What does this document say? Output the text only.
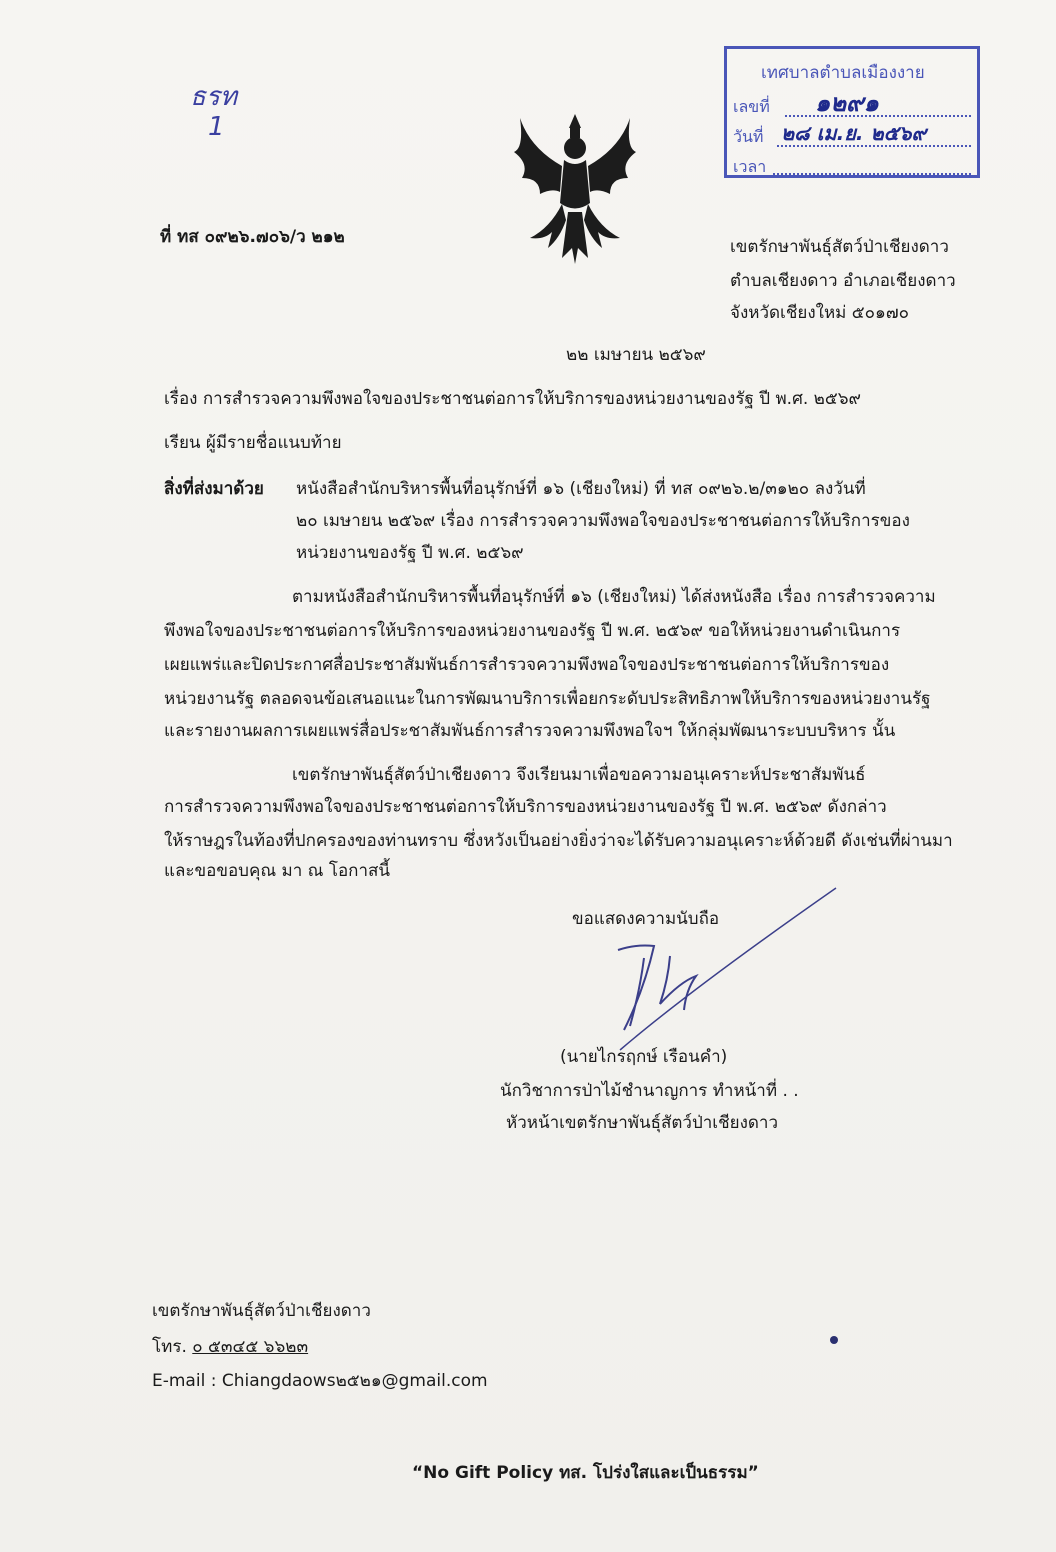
ธรท
1
เทศบาลตำบลเมืองงาย
เลขที่ ๑๒๙๑
วันที่ ๒๘ เม.ย. ๒๕๖๙
เวลา
ที่ ทส ๐๙๒๖.๗๐๖/ว ๒๑๒	เขตรักษาพันธุ์สัตว์ป่าเชียงดาว
ตำบลเชียงดาว อำเภอเชียงดาว
จังหวัดเชียงใหม่ ๕๐๑๗๐
๒๒ เมษายน ๒๕๖๙
เรื่อง การสำรวจความพึงพอใจของประชาชนต่อการให้บริการของหน่วยงานของรัฐ ปี พ.ศ. ๒๕๖๙
เรียน ผู้มีรายชื่อแนบท้าย
สิ่งที่ส่งมาด้วย หนังสือสำนักบริหารพื้นที่อนุรักษ์ที่ ๑๖ (เชียงใหม่) ที่ ทส ๐๙๒๖.๒/๓๑๒๐ ลงวันที่
๒๐ เมษายน ๒๕๖๙ เรื่อง การสำรวจความพึงพอใจของประชาชนต่อการให้บริการของ
หน่วยงานของรัฐ ปี พ.ศ. ๒๕๖๙
ตามหนังสือสำนักบริหารพื้นที่อนุรักษ์ที่ ๑๖ (เชียงใหม่) ได้ส่งหนังสือ เรื่อง การสำรวจความ
พึงพอใจของประชาชนต่อการให้บริการของหน่วยงานของรัฐ ปี พ.ศ. ๒๕๖๙ ขอให้หน่วยงานดำเนินการ
เผยแพร่และปิดประกาศสื่อประชาสัมพันธ์การสำรวจความพึงพอใจของประชาชนต่อการให้บริการของ
หน่วยงานรัฐ ตลอดจนข้อเสนอแนะในการพัฒนาบริการเพื่อยกระดับประสิทธิภาพให้บริการของหน่วยงานรัฐ
และรายงานผลการเผยแพร่สื่อประชาสัมพันธ์การสำรวจความพึงพอใจฯ ให้กลุ่มพัฒนาระบบบริหาร นั้น
เขตรักษาพันธุ์สัตว์ป่าเชียงดาว จึงเรียนมาเพื่อขอความอนุเคราะห์ประชาสัมพันธ์
การสำรวจความพึงพอใจของประชาชนต่อการให้บริการของหน่วยงานของรัฐ ปี พ.ศ. ๒๕๖๙ ดังกล่าว
ให้ราษฎรในท้องที่ปกครองของท่านทราบ ซึ่งหวังเป็นอย่างยิ่งว่าจะได้รับความอนุเคราะห์ด้วยดี ดังเช่นที่ผ่านมา
และขอขอบคุณ มา ณ โอกาสนี้
ขอแสดงความนับถือ
(นายไกรฤกษ์ เรือนคำ)
นักวิชาการป่าไม้ชำนาญการ ทำหน้าที่ . .
หัวหน้าเขตรักษาพันธุ์สัตว์ป่าเชียงดาว
เขตรักษาพันธุ์สัตว์ป่าเชียงดาว
โทร. ๐ ๕๓๔๕ ๖๖๒๓
E-mail : Chiangdaows๒๕๒๑@gmail.com
“No Gift Policy ทส. โปร่งใสและเป็นธรรม”
